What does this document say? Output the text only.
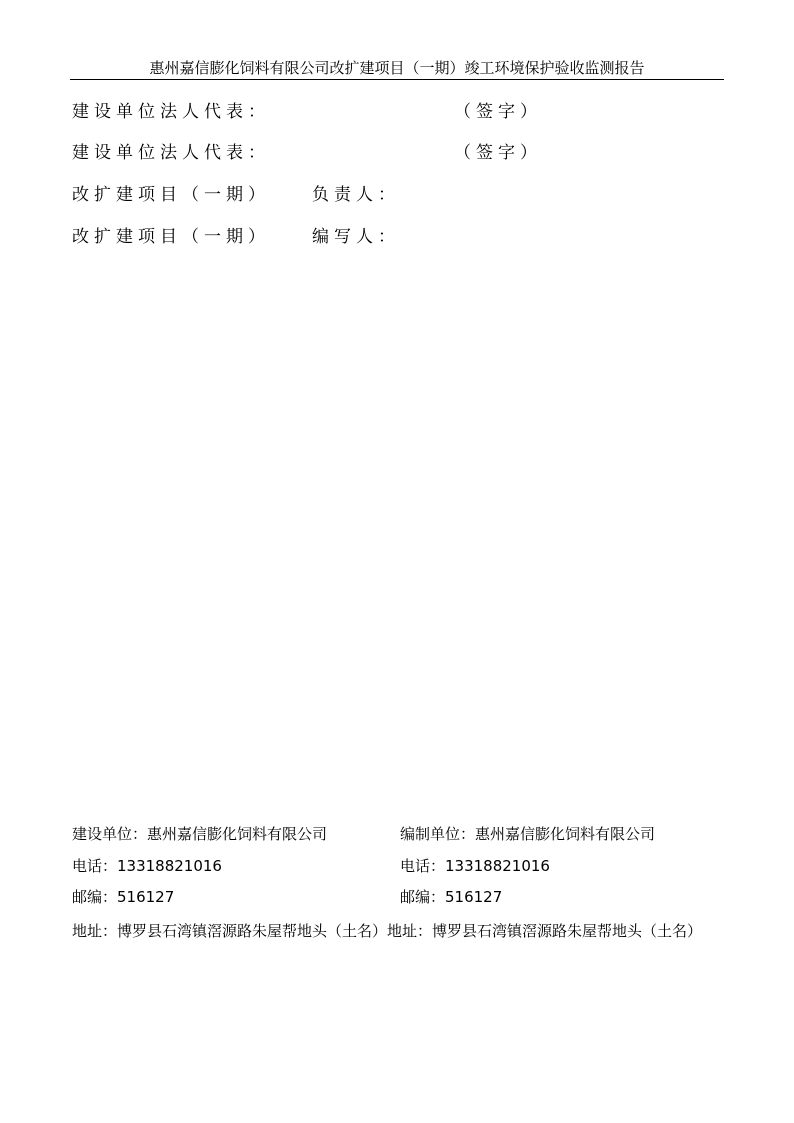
惠州嘉信膨化饲料有限公司改扩建项目（一期）竣工环境保护验收监测报告
建设单位法人代表：	（签字）
建设单位法人代表：	（签字）
改扩建项目（一期） 负责人：
改扩建项目（一期） 编写人：
建设单位：惠州嘉信膨化饲料有限公司	编制单位：惠州嘉信膨化饲料有限公司
电话：13318821016	电话：13318821016
邮编：516127	邮编：516127
地址：博罗县石湾镇滘源路朱屋帮地头（土名）地址：博罗县石湾镇滘源路朱屋帮地头（土名）
